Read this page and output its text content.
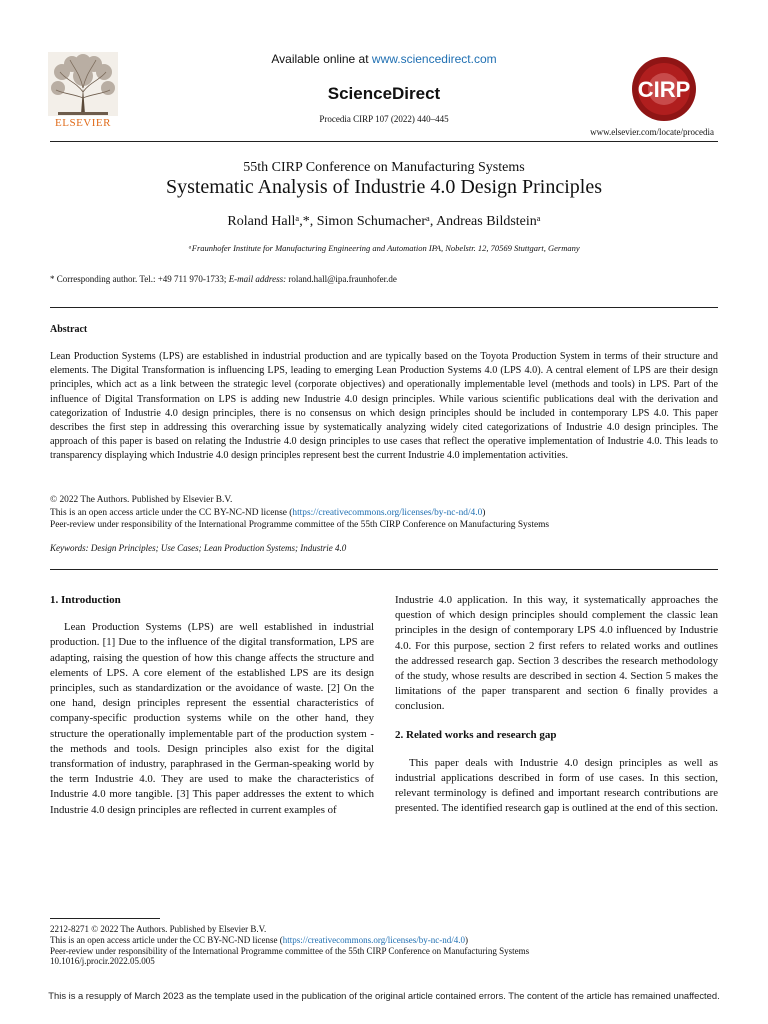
ELSEVIER
Available online at www.sciencedirect.com
ScienceDirect
Procedia CIRP 107 (2022) 440–445
CIRP
www.elsevier.com/locate/procedia
55th CIRP Conference on Manufacturing Systems
Systematic Analysis of Industrie 4.0 Design Principles
Roland Hallᵃ,*, Simon Schumacherᵃ, Andreas Bildsteinᵃ
ᵃFraunhofer Institute for Manufacturing Engineering and Automation IPA, Nobelstr. 12, 70569 Stuttgart, Germany
* Corresponding author. Tel.: +49 711 970-1733; E-mail address: roland.hall@ipa.fraunhofer.de
Abstract
Lean Production Systems (LPS) are established in industrial production and are typically based on the Toyota Production System in terms of their structure and elements. The Digital Transformation is influencing LPS, leading to emerging Lean Production Systems 4.0 (LPS 4.0). A central element of LPS are their design principles, which act as a link between the strategic level (corporate objectives) and operationally implementable level (methods and tools) in LPS. Part of the influence of Digital Transformation on LPS is adding new Industrie 4.0 design principles. While various scientific publications deal with the derivation and categorization of Industrie 4.0 design principles, there is no consensus on which design principles should be included in contemporary LPS 4.0. This paper describes the first step in addressing this overarching issue by systematically analyzing widely cited categorizations of Industrie 4.0 design principles. The approach of this paper is based on relating the Industrie 4.0 design principles to use cases that reflect the operative implementation of Industrie 4.0. This leads to transparency displaying which Industrie 4.0 design principles represent best the current Industrie 4.0 implementation activities.
© 2022 The Authors. Published by Elsevier B.V.
This is an open access article under the CC BY-NC-ND license (https://creativecommons.org/licenses/by-nc-nd/4.0)
Peer-review under responsibility of the International Programme committee of the 55th CIRP Conference on Manufacturing Systems
Keywords: Design Principles; Use Cases; Lean Production Systems; Industrie 4.0

1. Introduction

Lean Production Systems (LPS) are well established in industrial production. [1] Due to the influence of the digital transformation, LPS are adapting, raising the question of how this change affects the structure and elements of LPS. A core element of the established LPS are its design principles, such as standardization or the avoidance of waste. [2] On the one hand, design principles represent the essential characteristics of company-specific production systems while on the other hand, they structure the operationally implementable part of the production system - the methods and tools. Design principles also exist for the digital transformation of industry, paraphrased in the German-speaking world by the term Industrie 4.0. They are used to make the characteristics of Industrie 4.0 more tangible. [3] This paper addresses the extent to which Industrie 4.0 design principles are reflected in current examples of

Industrie 4.0 application. In this way, it systematically approaches the question of which design principles should complement the classic lean principles in the design of contemporary LPS 4.0 influenced by Industrie 4.0. For this purpose, section 2 first refers to related works and outlines the addressed research gap. Section 3 describes the research methodology of the study, whose results are described in section 4. Section 5 makes the limitations of the paper transparent and section 6 finally provides a conclusion.

2. Related works and research gap

This paper deals with Industrie 4.0 design principles as well as industrial applications described in form of use cases. In this section, relevant terminology is defined and important research contributions are presented. The identified research gap is outlined at the end of this section.

2212-8271 © 2022 The Authors. Published by Elsevier B.V.
This is an open access article under the CC BY-NC-ND license (https://creativecommons.org/licenses/by-nc-nd/4.0)
Peer-review under responsibility of the International Programme committee of the 55th CIRP Conference on Manufacturing Systems
10.1016/j.procir.2022.05.005
This is a resupply of March 2023 as the template used in the publication of the original article contained errors. The content of the article has remained unaffected.
